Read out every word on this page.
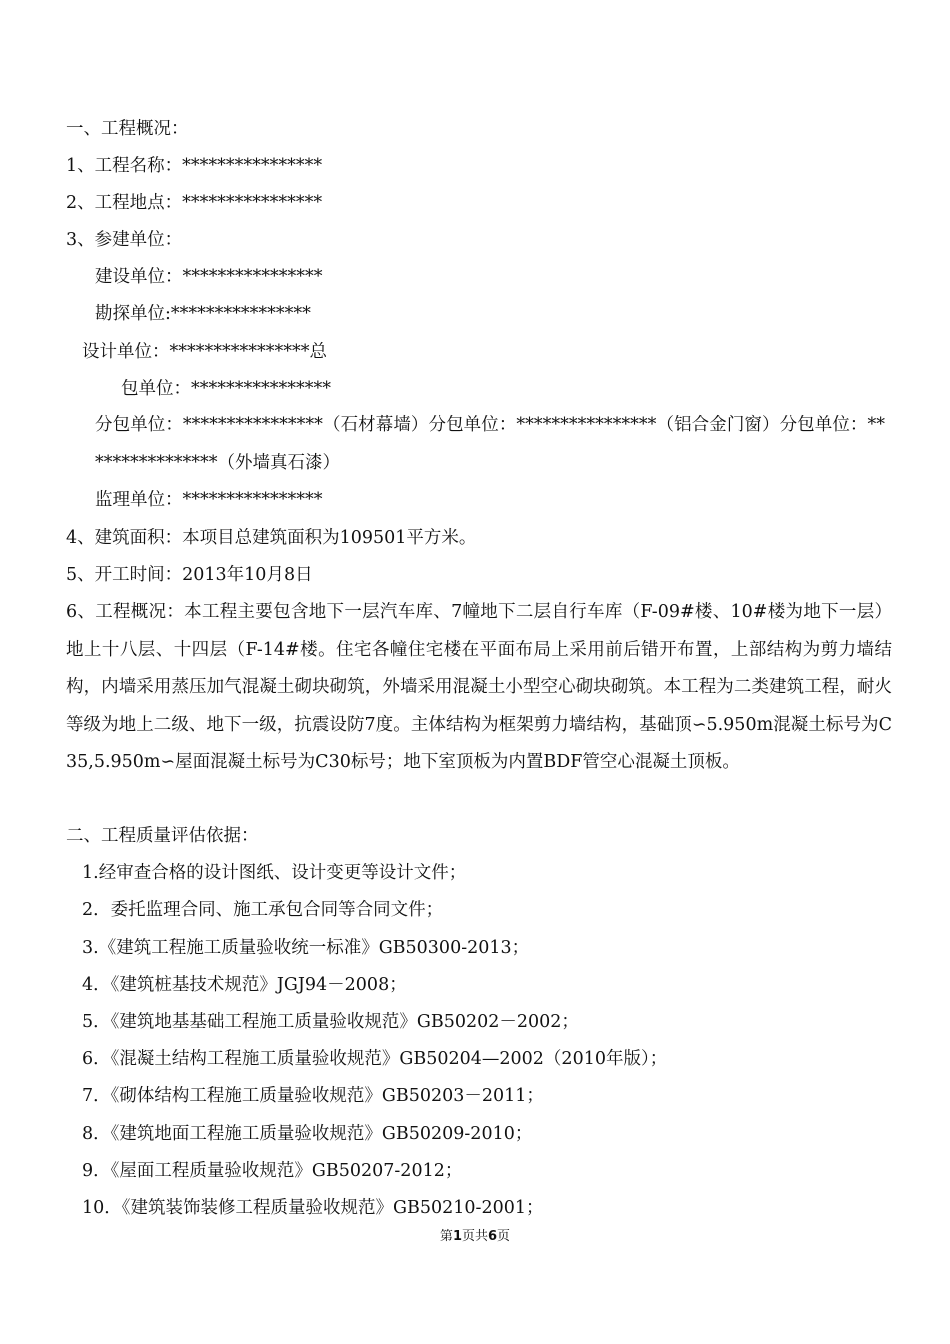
一、工程概况：
1、工程名称：****************
2、工程地点：****************
3、参建单位：
建设单位：****************
勘探单位:****************
设计单位：****************总
包单位：****************
分包单位：****************（石材幕墙）分包单位：****************（铝合金门窗）分包单位：****************（外墙真石漆）
监理单位：****************
4、建筑面积：本项目总建筑面积为109501平方米。
5、开工时间：2013年10月8日
6、工程概况：本工程主要包含地下一层汽车库、7幢地下二层自行车库（F-09#楼、10#楼为地下一层）地上十八层、十四层（F-14#楼。住宅各幢住宅楼在平面布局上采用前后错开布置，上部结构为剪力墙结构，内墙采用蒸压加气混凝土砌块砌筑，外墙采用混凝土小型空心砌块砌筑。本工程为二类建筑工程，耐火等级为地上二级、地下一级，抗震设防7度。主体结构为框架剪力墙结构，基础顶∽5.950m混凝土标号为C35,5.950m∽屋面混凝土标号为C30标号；地下室顶板为内置BDF管空心混凝土顶板。
二、工程质量评估依据：
1.经审查合格的设计图纸、设计变更等设计文件；
2．委托监理合同、施工承包合同等合同文件；
3.《建筑工程施工质量验收统一标准》GB50300-2013；
4．《建筑桩基技术规范》JGJ94－2008；
5．《建筑地基基础工程施工质量验收规范》GB50202－2002；
6．《混凝土结构工程施工质量验收规范》GB50204—2002（2010年版）；
7．《砌体结构工程施工质量验收规范》GB50203－2011；
8．《建筑地面工程施工质量验收规范》GB50209-2010；
9．《屋面工程质量验收规范》GB50207-2012；
10．《建筑装饰装修工程质量验收规范》GB50210-2001；
第1页共6页
